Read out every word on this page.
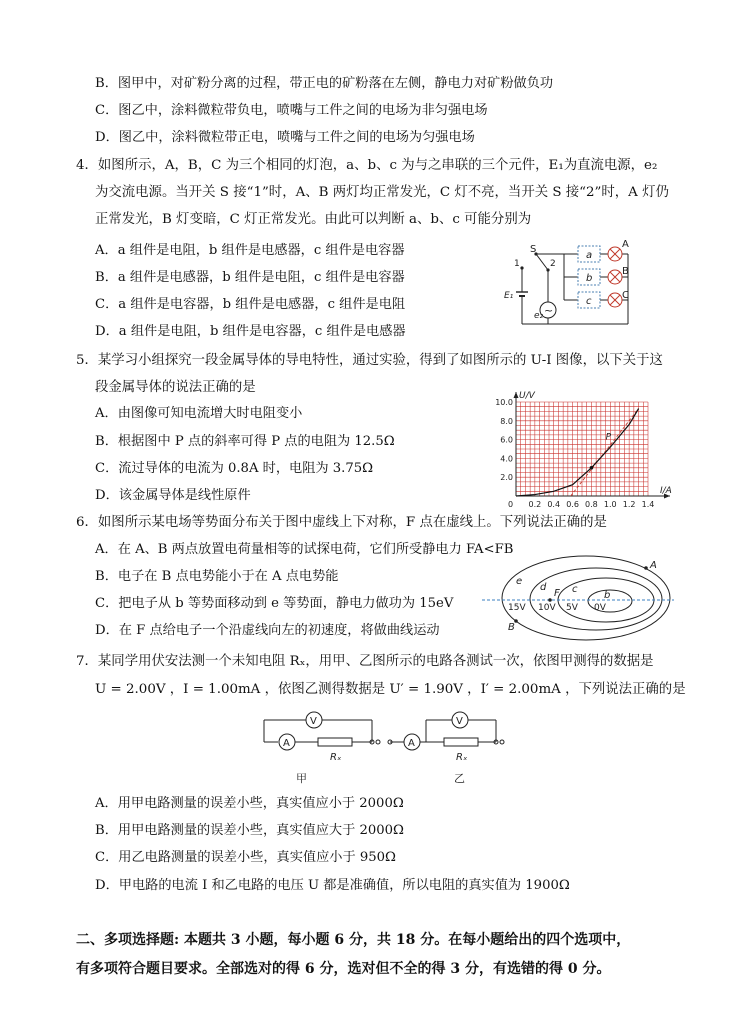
B．图甲中，对矿粉分离的过程，带正电的矿粉落在左侧，静电力对矿粉做负功
C．图乙中，涂料微粒带负电，喷嘴与工件之间的电场为非匀强电场
D．图乙中，涂料微粒带正电，喷嘴与工件之间的电场为匀强电场
4．如图所示，A，B，C 为三个相同的灯泡，a、b、c 为与之串联的三个元件，E₁为直流电源，e₂
为交流电源。当开关 S 接“1”时，A、B 两灯均正常发光，C 灯不亮，当开关 S 接“2”时，A 灯仍
正常发光，B 灯变暗，C 灯正常发光。由此可以判断 a、b、c 可能分别为
A．a 组件是电阻，b 组件是电感器，c 组件是电容器
B．a 组件是电感器，b 组件是电阻，c 组件是电容器
C．a 组件是电容器，b 组件是电感器，c 组件是电阻
D．a 组件是电阻，b 组件是电容器，c 组件是电感器
S
1	2
E₁
e₂ ~
a
b
c
A
B
C
5．某学习小组探究一段金属导体的导电特性，通过实验，得到了如图所示的 U-I 图像，以下关于这
段金属导体的说法正确的是
A．由图像可知电流增大时电阻变小
B．根据图中 P 点的斜率可得 P 点的电阻为 12.5Ω
C．流过导体的电流为 0.8A 时，电阻为 3.75Ω
D．该金属导体是线性原件
0.2 0.4 0.6 0.8 1.0 1.2 1.4
2.0
4.0
6.0
8.0
10.0
0
I/A
U/V
P
6．如图所示某电场等势面分布关于图中虚线上下对称，F 点在虚线上。下列说法正确的是
A．在 A、B 两点放置电荷量相等的试探电荷，它们所受静电力 FA<FB
B．电子在 B 点电势能小于在 A 点电势能
C．把电子从 b 等势面移动到 e 等势面，静电力做功为 15eV
D．在 F 点给电子一个沿虚线向左的初速度，将做曲线运动
e
d	c
b
F
A
B
15V 10V 5V 0V
7．某同学用伏安法测一个未知电阻 Rₓ，用甲、乙图所示的电路各测试一次，依图甲测得的数据是
U = 2.00V ，I = 1.00mA ，依图乙测得数据是 U′ = 1.90V ，I′ = 2.00mA ，下列说法正确的是
A
V
Rₓ
甲
A
V
Rₓ
乙
A．用甲电路测量的误差小些，真实值应小于 2000Ω
B．用甲电路测量的误差小些，真实值应大于 2000Ω
C．用乙电路测量的误差小些，真实值应小于 950Ω
D．甲电路的电流 I 和乙电路的电压 U 都是准确值，所以电阻的真实值为 1900Ω
二、多项选择题: 本题共 3 小题，每小题 6 分，共 18 分。在每小题给出的四个选项中，
有多项符合题目要求。全部选对的得 6 分，选对但不全的得 3 分，有选错的得 0 分。
